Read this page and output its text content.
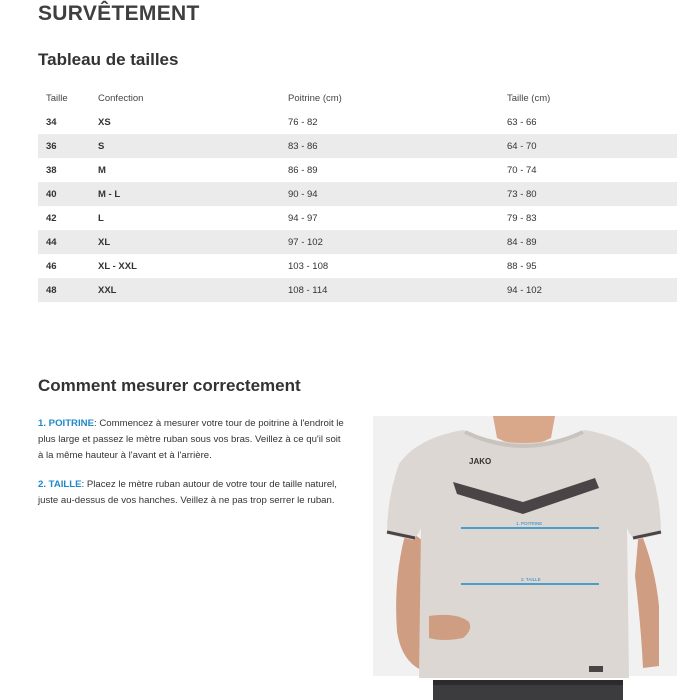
SURVÊTEMENT
Tableau de tailles
Taille	Confection	Poitrine (cm)	Taille (cm)
34	XS	76 - 82	63 - 66
36	S	83 - 86	64 - 70
38	M	86 - 89	70 - 74
40	M - L	90 - 94	73 - 80
42	L	94 - 97	79 - 83
44	XL	97 - 102	84 - 89
46	XL - XXL	103 - 108	88 - 95
48	XXL	108 - 114	94 - 102
Comment mesurer correctement

1. POITRINE: Commencez à mesurer votre tour de poitrine à l'endroit le plus large et passez le mètre ruban sous vos bras. Veillez à ce qu'il soit à la même hauteur à l'avant et à l'arrière.

2. TAILLE: Placez le mètre ruban autour de votre tour de taille naturel, juste au-dessus de vos hanches. Veillez à ne pas trop serrer le ruban.

JAKO
1. POITRINE
2. TAILLE
